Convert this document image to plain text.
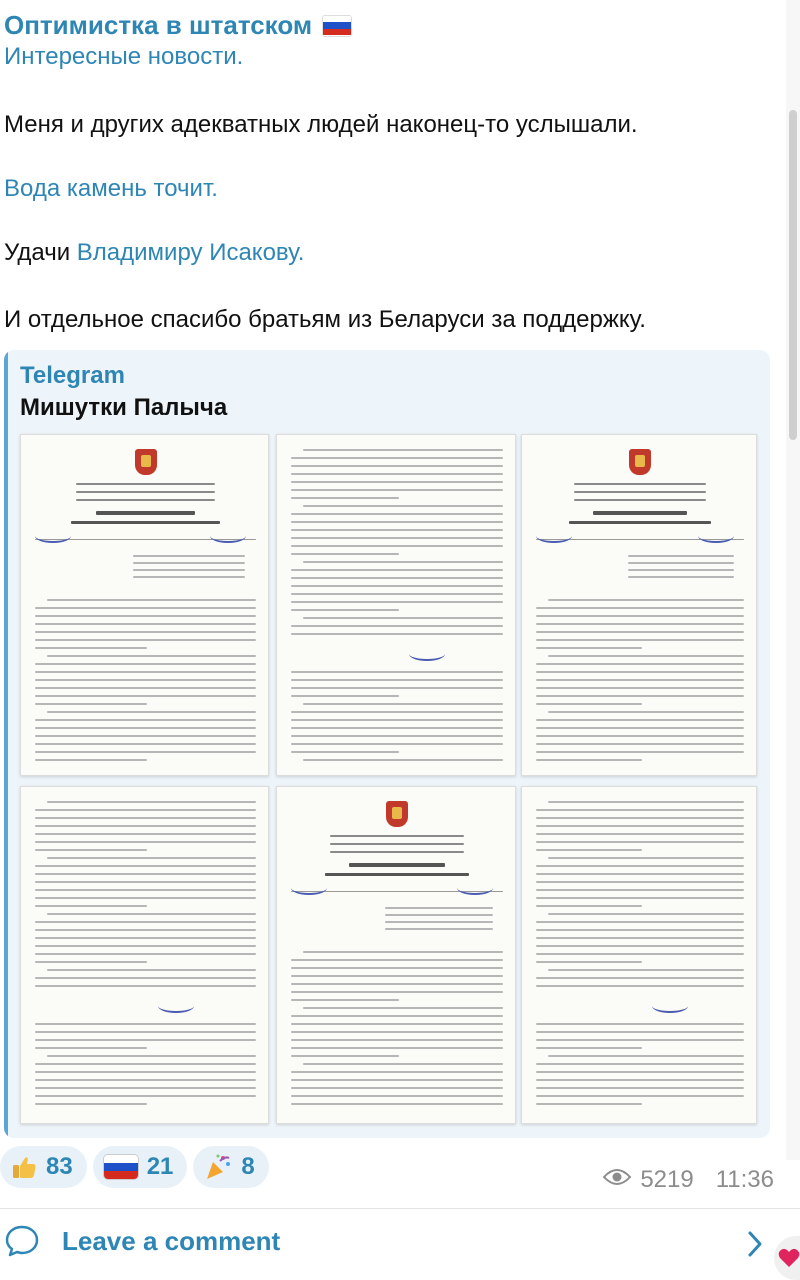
Оптимистка в штатском
Интересные новости.
Меня и других адекватных людей наконец-то услышали.
Вода камень точит.
Удачи Владимиру Исакову.
И отдельное спасибо братьям из Беларуси за поддержку.
Telegram
Мишутки Палыча
83	21	8	5219 11:36
Leave a comment
